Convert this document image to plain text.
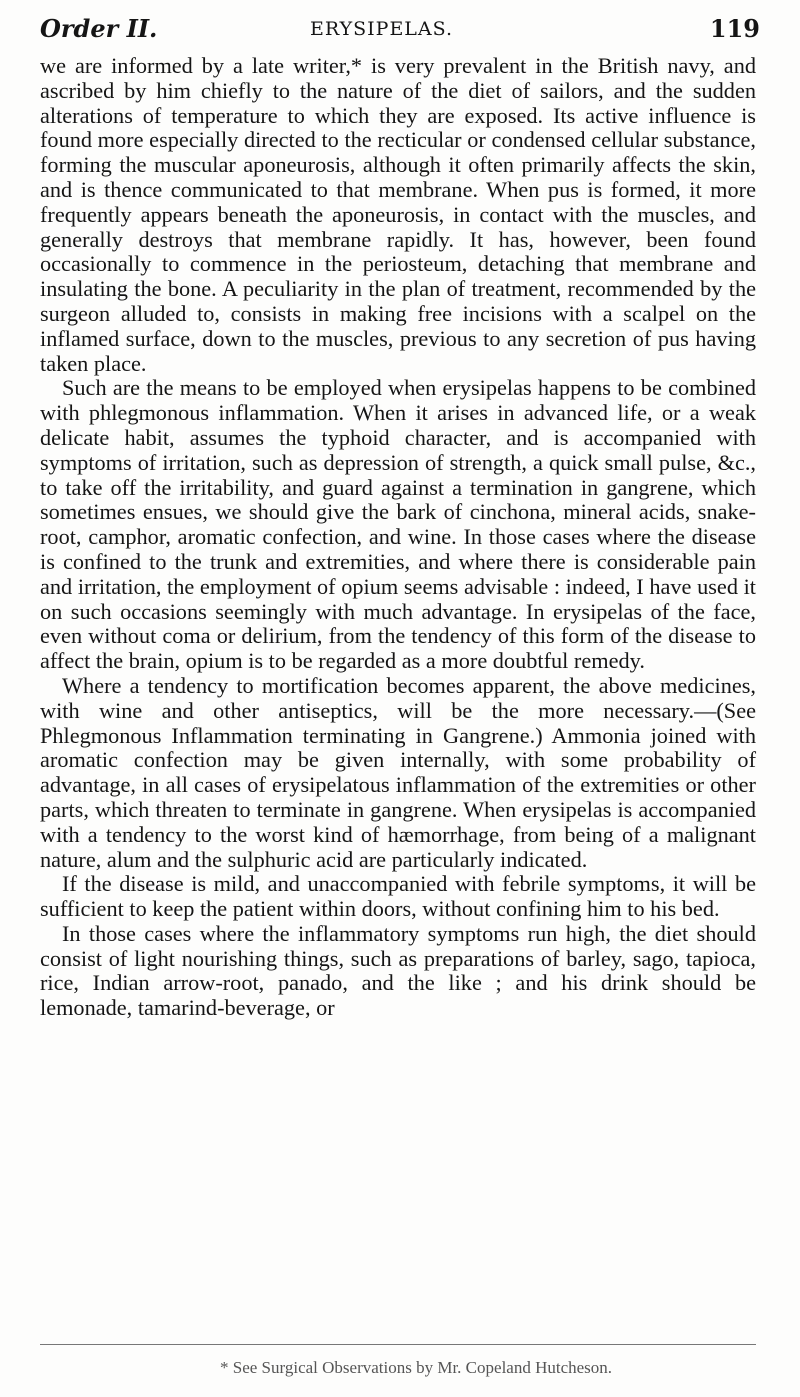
Order II.	ERYSIPELAS.	119

we are informed by a late writer,* is very prevalent in the British navy, and ascribed by him chiefly to the nature of the diet of sailors, and the sudden alterations of temperature to which they are exposed. Its active influence is found more especially directed to the recticular or condensed cellular substance, forming the muscular aponeurosis, although it often primarily affects the skin, and is thence communicated to that membrane. When pus is formed, it more frequently appears beneath the aponeurosis, in contact with the muscles, and generally destroys that membrane rapidly. It has, however, been found occasionally to commence in the periosteum, detaching that membrane and insulating the bone. A peculiarity in the plan of treatment, recommended by the surgeon alluded to, consists in making free incisions with a scalpel on the inflamed surface, down to the muscles, previous to any secretion of pus having taken place.

Such are the means to be employed when erysipelas happens to be combined with phlegmonous inflammation. When it arises in advanced life, or a weak delicate habit, assumes the typhoid character, and is accompanied with symptoms of irritation, such as depression of strength, a quick small pulse, &c., to take off the irritability, and guard against a termination in gangrene, which sometimes ensues, we should give the bark of cinchona, mineral acids, snake-root, camphor, aromatic confection, and wine. In those cases where the disease is confined to the trunk and extremities, and where there is considerable pain and irritation, the employment of opium seems advisable : indeed, I have used it on such occasions seemingly with much advantage. In erysipelas of the face, even without coma or delirium, from the tendency of this form of the disease to affect the brain, opium is to be regarded as a more doubtful remedy.

Where a tendency to mortification becomes apparent, the above medicines, with wine and other antiseptics, will be the more necessary.—(See Phlegmonous Inflammation terminating in Gangrene.) Ammonia joined with aromatic confection may be given internally, with some probability of advantage, in all cases of erysipelatous inflammation of the extremities or other parts, which threaten to terminate in gangrene. When erysipelas is accompanied with a tendency to the worst kind of hæmorrhage, from being of a malignant nature, alum and the sulphuric acid are particularly indicated.

If the disease is mild, and unaccompanied with febrile symptoms, it will be sufficient to keep the patient within doors, without confining him to his bed.

In those cases where the inflammatory symptoms run high, the diet should consist of light nourishing things, such as preparations of barley, sago, tapioca, rice, Indian arrow-root, panado, and the like ; and his drink should be lemonade, tamarind-beverage, or

* See Surgical Observations by Mr. Copeland Hutcheson.
